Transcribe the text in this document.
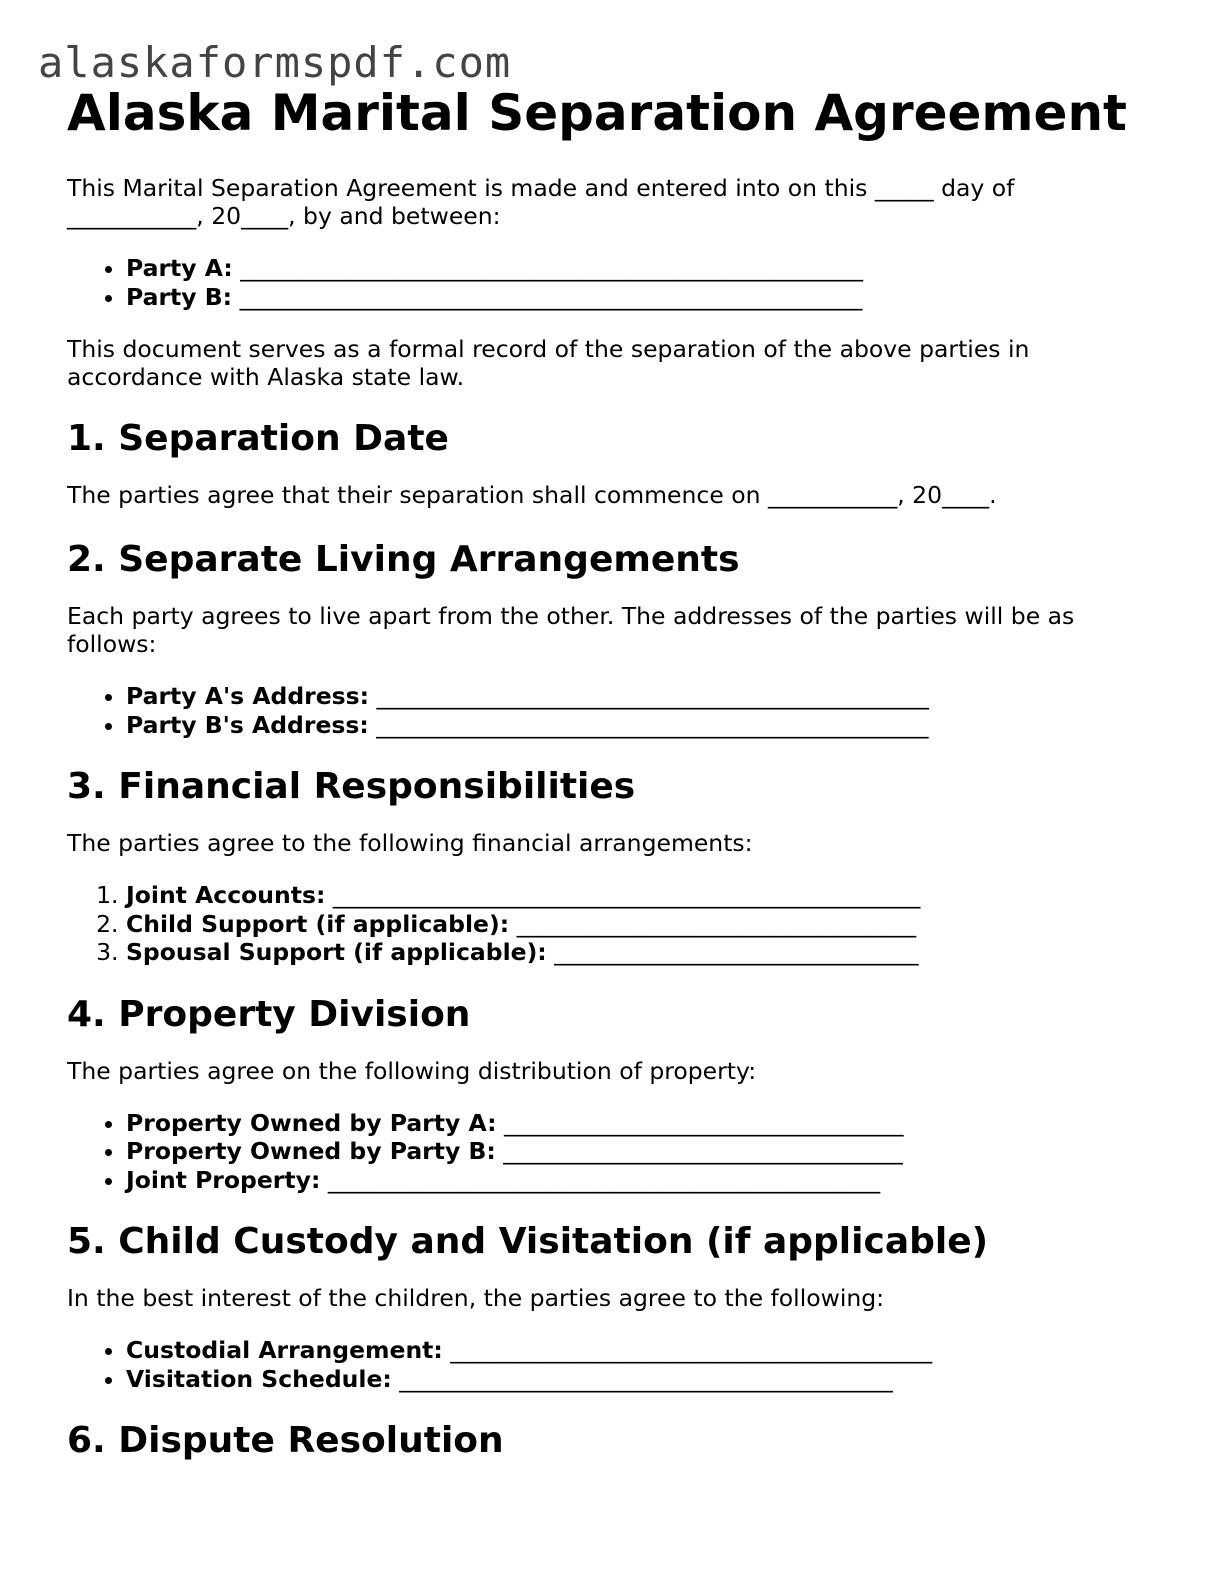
alaskaformspdf.com
Alaska Marital Separation Agreement

This Marital Separation Agreement is made and entered into on this _____ day of ___________, 20____, by and between:

• Party A: _____________________________________________________
• Party B: _____________________________________________________

This document serves as a formal record of the separation of the above parties in accordance with Alaska state law.

1. Separation Date

The parties agree that their separation shall commence on ___________, 20____.

2. Separate Living Arrangements

Each party agrees to live apart from the other. The addresses of the parties will be as follows:

• Party A's Address: _______________________________________________
• Party B's Address: _______________________________________________
3. Financial Responsibilities

The parties agree to the following financial arrangements:

1. Joint Accounts: __________________________________________________
2. Child Support (if applicable): __________________________________
3. Spousal Support (if applicable): _______________________________
4. Property Division

The parties agree on the following distribution of property:

• Property Owned by Party A: __________________________________
• Property Owned by Party B: __________________________________
• Joint Property: _______________________________________________
5. Child Custody and Visitation (if applicable)

In the best interest of the children, the parties agree to the following:

• Custodial Arrangement: _________________________________________
• Visitation Schedule: __________________________________________
6. Dispute Resolution
